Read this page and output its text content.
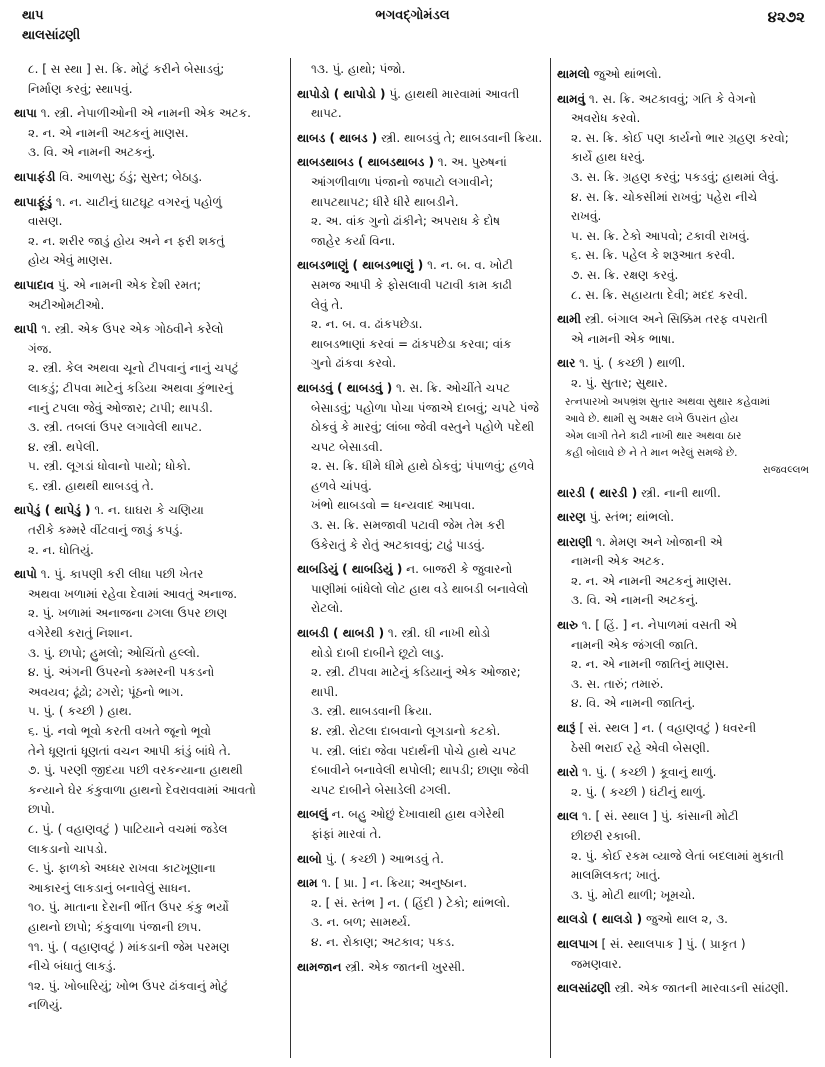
થાપ
થાલસાંઢણી
ભગવદ્ગોમંડલ	૪૨૭૨
૮. [ સ સ્થા ] સ. ક્રિ. મોટું કરીને બેસાડવું;
નિર્માણ કરવું; સ્થાપવું.
થાપા ૧. સ્ત્રી. નેપાળીઓની એ નામની એક અટક.
૨. ન. એ નામની અટકનું માણસ.
૩. વિ. એ નામની અટકનું.
થાપાફંડી વિ. આળસુ; ઠંડું; સુસ્ત; બેઠાડુ.
થાપાફૂંડું ૧. ન. ચાટીનું ઘાટઘૂટ વગરનું પહોળું
વાસણ.
૨. ન. શરીર જાડું હોય અને ન ફરી શકતું
હોય એવું માણસ.
થાપાદાવ પું. એ નામની એક દેશી રમત;
અટીઓમટીઓ.
થાપી ૧. સ્ત્રી. એક ઉપર એક ગોઠવીને કરેલો
ગંજ.
૨. સ્ત્રી. કેલ અથવા ચૂનો ટીપવાનું નાનું ચપટું
લાકડું; ટીપવા માટેનું કડિયા અથવા કુંભારનું
નાનું ટપલા જેવું ઓજાર; ટાપી; થાપડી.
૩. સ્ત્રી. તબલાં ઉપર લગાવેલી થાપટ.
૪. સ્ત્રી. થપેલી.
૫. સ્ત્રી. લૂગડાં ધોવાનો પાયો; ધોકો.
૬. સ્ત્રી. હાથથી થાબડવું તે.
થાપેડું ( થાપેડું ) ૧. ન. ઘાઘરા કે ચણિયા
તરીકે કમ્મરે વીંટવાનું જાડું કપડું.
૨. ન. ધોતિયું.
થાપો ૧. પું. કાપણી કરી લીધા પછી ખેતર
અથવા ખળામાં રહેવા દેવામાં આવતું અનાજ.
૨. પું. ખળામાં અનાજના ઢગલા ઉપર છાણ
વગેરેથી કરાતું નિશાન.
૩. પું. છાપો; હુમલો; ઓચિંતો હલ્લો.
૪. પું. અંગની ઉપરનો કમ્મરની પકડનો
અવયવ; ઢૂંઢો; ઢગરો; પૂંઠનો ભાગ.
૫. પું. ( કચ્છી ) હાથ.
૬. પું. નવો ભૂવો કરતી વખતે જૂનો ભૂવો
તેને ધૂણતાં ધૂણતાં વચન આપી કાંડું બાંધે તે.
૭. પું. પરણી જીદયા પછી વરકન્યાના હાથથી
કન્યાને ઘેર કંકુવાળા હાથનો દેવરાવવામાં આવતો
છાપો.
૮. પું. ( વહાણવટું ) પાટિયાને વચમાં જડેલ
લાકડાનો ચાપડો.
૯. પું. ફાળકો અધ્ધર રાખવા કાટખૂણાના
આકારનું લાકડાનું બનાવેલું સાધન.
૧૦. પું. માતાના દેરાની ભીંત ઉપર કંકુ ભર્યો
હાથનો છાપો; કંકુવાળા પંજાની છાપ.
૧૧. પું. ( વહાણવટું ) માંકડાની જેમ પરમણ
નીચે બંધાતું લાકડું.
૧૨. પું. ખોબારિયું; ખોભ ઉપર ઢાંકવાનું મોટું
નળિયું.
૧૩. પું. હાથો; પંજો.
થાપોડો ( થાપોડો ) પું. હાથથી મારવામાં આવતી
થાપટ.
થાબડ ( થાબડ ) સ્ત્રી. થાબડવું તે; થાબડવાની ક્રિયા.
થાબડથાબડ ( થાબડથાબડ ) ૧. અ. પુરુષનાં
આંગળીવાળા પંજાનો જપાટો લગાવીને;
થાપટથાપટ; ધીરે ધીરે થાબડીને.
૨. અ. વાંક ગુનો ઢાંકીને; અપરાધ કે દોષ
જાહેર કર્યા વિના.
થાબડભાણું ( થાબડભાણું ) ૧. ન. બ. વ. ખોટી
સમજ આપી કે ફોસલાવી પટાવી કામ કાઢી
લેવું તે.
૨. ન. બ. વ. ઢાંકપછેડા.
થાબડભાણાં કરવાં = ઢાંકપછેડા કરવા; વાંક
ગુનો ઢાંકવા કરવો.
થાબડવું ( થાબડવું ) ૧. સ. ક્રિ. ઓચીંતે ચપટ
બેસાડવું; પહોળા પોચા પંજાએ દાબવું; ચપટે પંજે
ઠોકવું કે મારવું; લાંબા જેવી વસ્તુને પહોળે પદેથી
ચપટ બેસાડવી.
૨. સ. ક્રિ. ધીમે ધીમે હાથે ઠોકવું; પંપાળવું; હળવે
હળવે ચાંપવું.
ખંભો થાબડવો = ધન્યવાદ આપવા.
૩. સ. ક્રિ. સમજાવી પટાવી જેમ તેમ કરી
ઉકેરાતું કે રોતું અટકાવવું; ટાઢું પાડવું.
થાબડિયું ( થાબડિયું ) ન. બાજરી કે જુવારનો
પાણીમાં બાંધેલો લોટ હાથ વડે થાબડી બનાવેલો
રોટલો.
થાબડી ( થાબડી ) ૧. સ્ત્રી. ઘી નાખી થોડો
થોડો દાબી દાબીને છૂટો લાડુ.
૨. સ્ત્રી. ટીપવા માટેનું કડિયાનું એક ઓજાર;
થાપી.
૩. સ્ત્રી. થાબડવાની ક્રિયા.
૪. સ્ત્રી. રોટલા દાબવાનો લૂગડાનો કટકો.
૫. સ્ત્રી. લાંદા જેવા પદાર્થની પોચે હાથે ચપટ
દબાવીને બનાવેલી થપોલી; થાપડી; છાણા જેવી
ચપટ દાબીને બેસાડેલી ઢગલી.
થાબલું ન. બહુ ઓછું દેખાવાથી હાથ વગેરેથી
ફાંફાં મારવાં તે.
થાબો પું. ( કચ્છી ) આભડવું તે.
થામ ૧. [ પ્રા. ] ન. ક્રિયા; અનુષ્ઠાન.
૨. [ સં. સ્તંભ ] ન. ( હિંદી ) ટેકો; થાંભલો.
૩. ન. બળ; સામર્થ્ય.
૪. ન. રોકાણ; અટકાવ; પકડ.
થામજાન સ્ત્રી. એક જાતની ખુરસી.
થામલો જુઓ થાંભલો.
થામવું ૧. સ. ક્રિ. અટકાવવું; ગતિ કે વેગનો
અવરોધ કરવો.
૨. સ. ક્રિ. કોઈ પણ કાર્યનો ભાર ગ્રહણ કરવો;
કાર્યે હાથ ધરવું.
૩. સ. ક્રિ. ગ્રહણ કરવું; પકડવું; હાથમાં લેવું.
૪. સ. ક્રિ. ચોકસીમાં રાખવું; પહેરા નીચે
રાખવું.
૫. સ. ક્રિ. ટેકો આપવો; ટકાવી રાખવું.
૬. સ. ક્રિ. પહેલ કે શરૂઆત કરવી.
૭. સ. ક્રિ. રક્ષણ કરવું.
૮. સ. ક્રિ. સહાયતા દેવી; મદદ કરવી.
થામી સ્ત્રી. બંગાલ અને સિક્કિમ તરફ વપરાતી
એ નામની એક ભાષા.
થાર ૧. પું. ( કચ્છી ) થાળી.
૨. પું. સુતાર; સુથાર.
રત્નપારખો અપભ્રંશ સુતાર અથવા સુથાર કહેવામાં
આવે છે. થામી સુ અક્ષર લખે ઉપરાંત હોય
એમ લાગી તેને કાઢી નાખી થાર અથવા ઠાર
કહી બોલાવે છે ને તે માન ભરેલું સમજે છે.
રાજવલ્લભ
થારડી ( થારડી ) સ્ત્રી. નાની થાળી.
થારણ પું. સ્તંભ; થાંભલો.
થારાણી ૧. મેમણ અને ખોજાની એ
નામની એક અટક.
૨. ન. એ નામની અટકનું માણસ.
૩. વિ. એ નામની અટકનું.
થારુ ૧. [ હિં. ] ન. નેપાળમાં વસતી એ
નામની એક જંગલી જાતિ.
૨. ન. એ નામની જાતિનું માણસ.
૩. સ. તારું; તમારું.
૪. વિ. એ નામની જાતિનું.
થારૂં [ સં. સ્થલ ] ન. ( વહાણવટું ) ધવરની
ઠેસી ભરાઈ રહે એવી બેસણી.
થારો ૧. પું. ( કચ્છી ) કૂવાનું થાળું.
૨. પું. ( કચ્છી ) ઘંટીનું થાળું.
થાલ ૧. [ સં. સ્થાલ ] પું. કાંસાની મોટી
છીછરી રકાબી.
૨. પું. કોઈ રકમ વ્યાજે લેતાં બદલામાં મુકાતી
માલમિલકત; ખાતું.
૩. પું. મોટી થાળી; ખૂમચો.
થાલડો ( થાલડો ) જુઓ થાલ ૨, ૩.
થાલપાગ [ સં. સ્થાલપાક ] પું. ( પ્રાકૃત )
જમણવાર.
થાલસાંઢણી સ્ત્રી. એક જાતની મારવાડની સાંઢણી.
